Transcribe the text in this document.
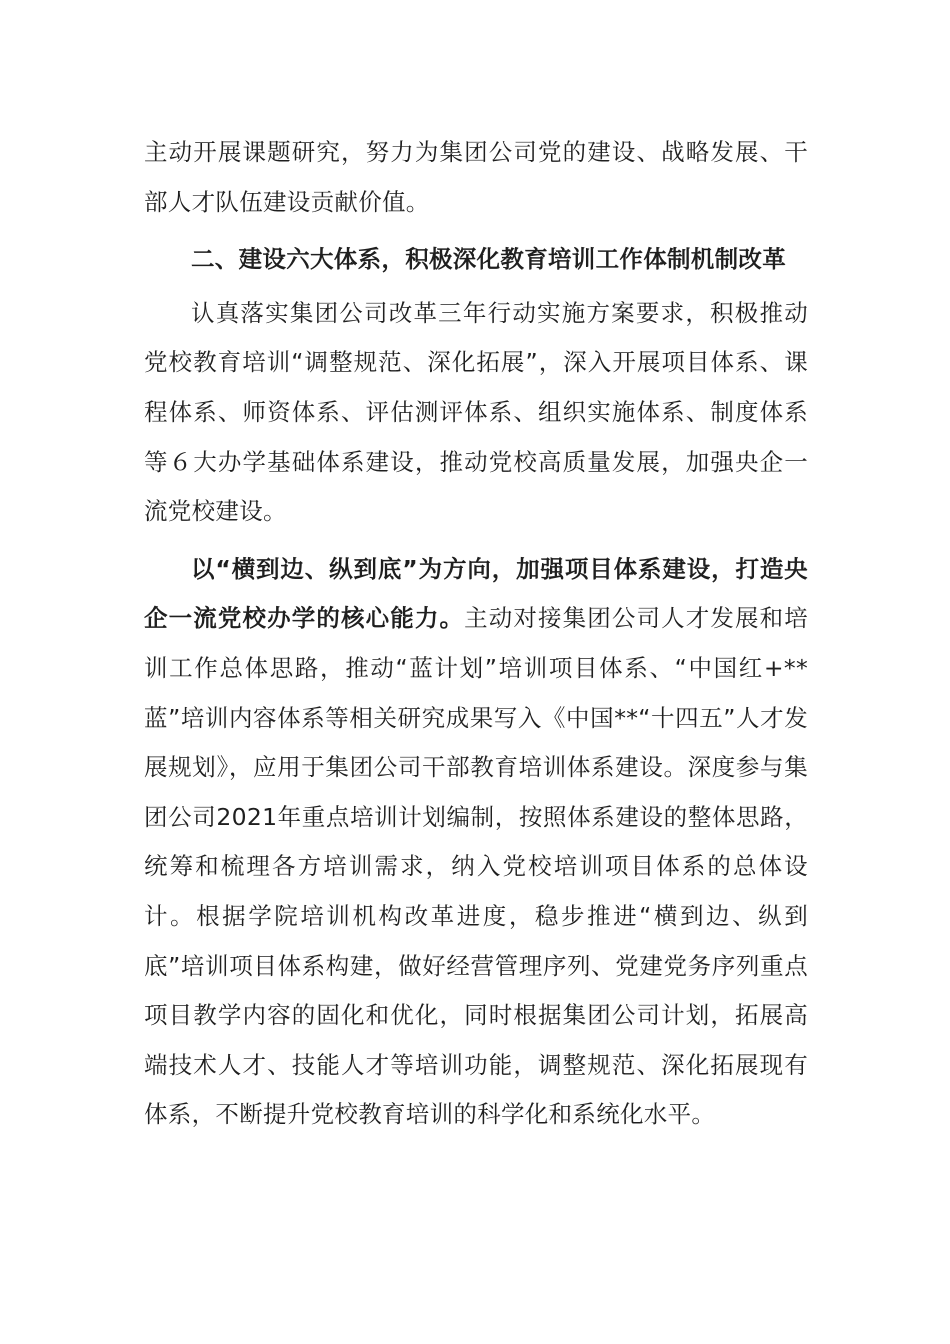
主动开展课题研究，努力为集团公司党的建设、战略发展、干部人才队伍建设贡献价值。

二、建设六大体系，积极深化教育培训工作体制机制改革

认真落实集团公司改革三年行动实施方案要求，积极推动党校教育培训“调整规范、深化拓展”，深入开展项目体系、课程体系、师资体系、评估测评体系、组织实施体系、制度体系等６大办学基础体系建设，推动党校高质量发展，加强央企一流党校建设。

以“横到边、纵到底”为方向，加强项目体系建设，打造央企一流党校办学的核心能力。主动对接集团公司人才发展和培训工作总体思路，推动“蓝计划”培训项目体系、“中国红+**蓝”培训内容体系等相关研究成果写入《中国**“十四五”人才发展规划》，应用于集团公司干部教育培训体系建设。深度参与集团公司2021年重点培训计划编制，按照体系建设的整体思路，统筹和梳理各方培训需求，纳入党校培训项目体系的总体设计。根据学院培训机构改革进度，稳步推进“横到边、纵到底”培训项目体系构建，做好经营管理序列、党建党务序列重点项目教学内容的固化和优化，同时根据集团公司计划，拓展高端技术人才、技能人才等培训功能，调整规范、深化拓展现有体系，不断提升党校教育培训的科学化和系统化水平。
